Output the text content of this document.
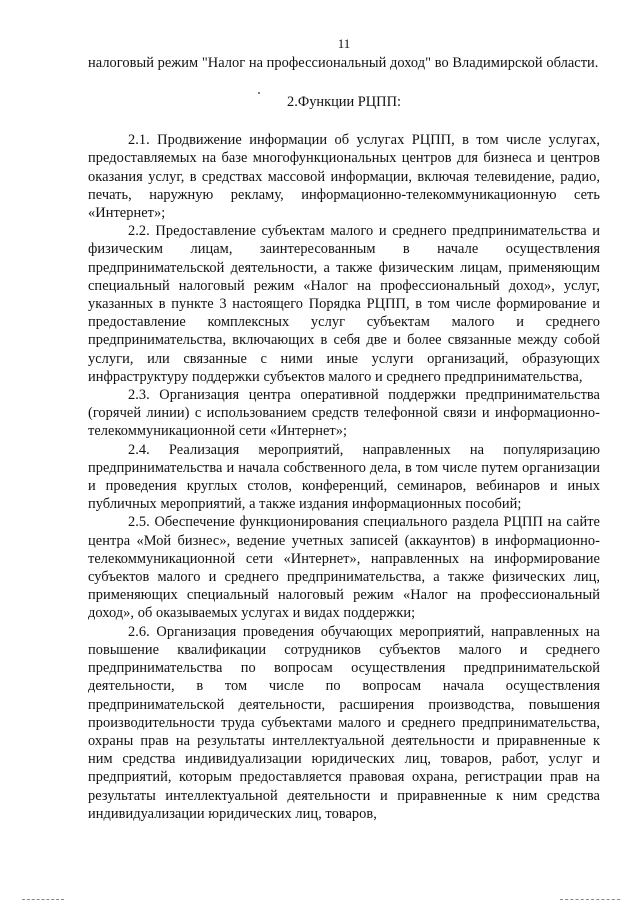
11

налоговый режим "Налог на профессиональный доход" во Владимирской области.

2.Функции РЦПП:

2.1. Продвижение информации об услугах РЦПП, в том числе услугах, предоставляемых на базе многофункциональных центров для бизнеса и центров оказания услуг, в средствах массовой информации, включая телевидение, радио, печать, наружную рекламу, информационно-телекоммуникационную сеть «Интернет»;

2.2. Предоставление субъектам малого и среднего предпринимательства и физическим лицам, заинтересованным в начале осуществления предпринимательской деятельности, а также физическим лицам, применяющим специальный налоговый режим «Налог на профессиональный доход», услуг, указанных в пункте 3 настоящего Порядка РЦПП, в том числе формирование и предоставление комплексных услуг субъектам малого и среднего предпринимательства, включающих в себя две и более связанные между собой услуги, или связанные с ними иные услуги организаций, образующих инфраструктуру поддержки субъектов малого и среднего предпринимательства,

2.3. Организация центра оперативной поддержки предпринимательства (горячей линии) с использованием средств телефонной связи и информационно-телекоммуникационной сети «Интернет»;

2.4. Реализация мероприятий, направленных на популяризацию предпринимательства и начала собственного дела, в том числе путем организации и проведения круглых столов, конференций, семинаров, вебинаров и иных публичных мероприятий, а также издания информационных пособий;

2.5. Обеспечение функционирования специального раздела РЦПП на сайте центра «Мой бизнес», ведение учетных записей (аккаунтов) в информационно-телекоммуникационной сети «Интернет», направленных на информирование субъектов малого и среднего предпринимательства, а также физических лиц, применяющих специальный налоговый режим «Налог на профессиональный доход», об оказываемых услугах и видах поддержки;

2.6. Организация проведения обучающих мероприятий, направленных на повышение квалификации сотрудников субъектов малого и среднего предпринимательства по вопросам осуществления предпринимательской деятельности, в том числе по вопросам начала осуществления предпринимательской деятельности, расширения производства, повышения производительности труда субъектами малого и среднего предпринимательства, охраны прав на результаты интеллектуальной деятельности и приравненные к ним средства индивидуализации юридических лиц, товаров, работ, услуг и предприятий, которым предоставляется правовая охрана, регистрации прав на результаты интеллектуальной деятельности и приравненные к ним средства индивидуализации юридических лиц, товаров,
